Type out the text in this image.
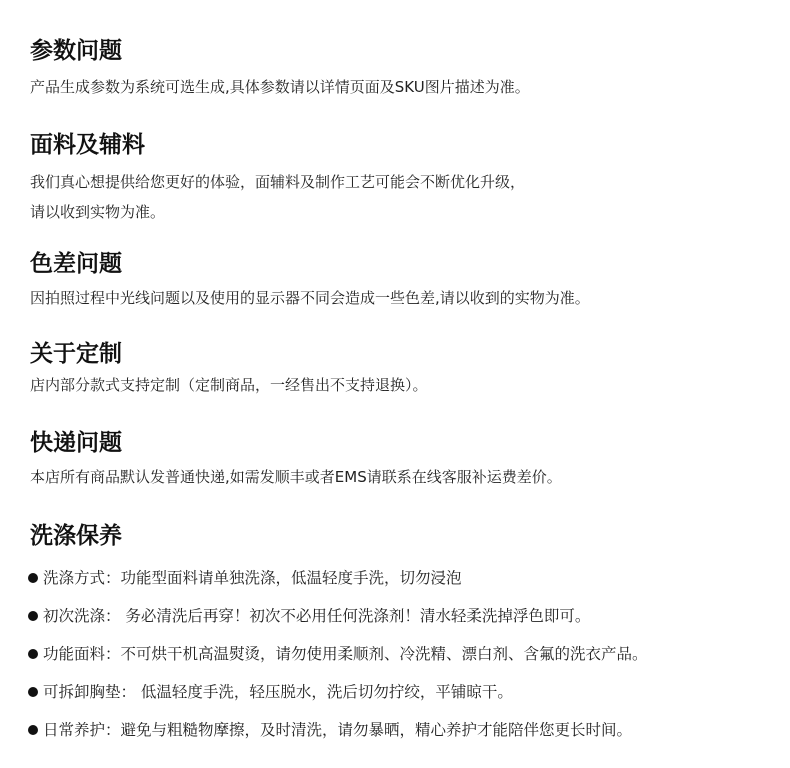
参数问题

产品生成参数为系统可选生成,具体参数请以详情页面及SKU图片描述为准。

面料及辅料

我们真心想提供给您更好的体验，面辅料及制作工艺可能会不断优化升级，

请以收到实物为准。

色差问题

因拍照过程中光线问题以及使用的显示器不同会造成一些色差,请以收到的实物为准。

关于定制

店内部分款式支持定制（定制商品，一经售出不支持退换）。

快递问题

本店所有商品默认发普通快递,如需发顺丰或者EMS请联系在线客服补运费差价。

洗涤保养
洗涤方式：功能型面料请单独洗涤，低温轻度手洗，切勿浸泡
初次洗涤： 务必清洗后再穿！初次不必用任何洗涤剂！清水轻柔洗掉浮色即可。
功能面料：不可烘干机高温熨烫，请勿使用柔顺剂、冷洗精、漂白剂、含氟的洗衣产品。
可拆卸胸垫： 低温轻度手洗，轻压脱水，洗后切勿拧绞，平铺晾干。
日常养护：避免与粗糙物摩擦，及时清洗，请勿暴晒，精心养护才能陪伴您更长时间。
